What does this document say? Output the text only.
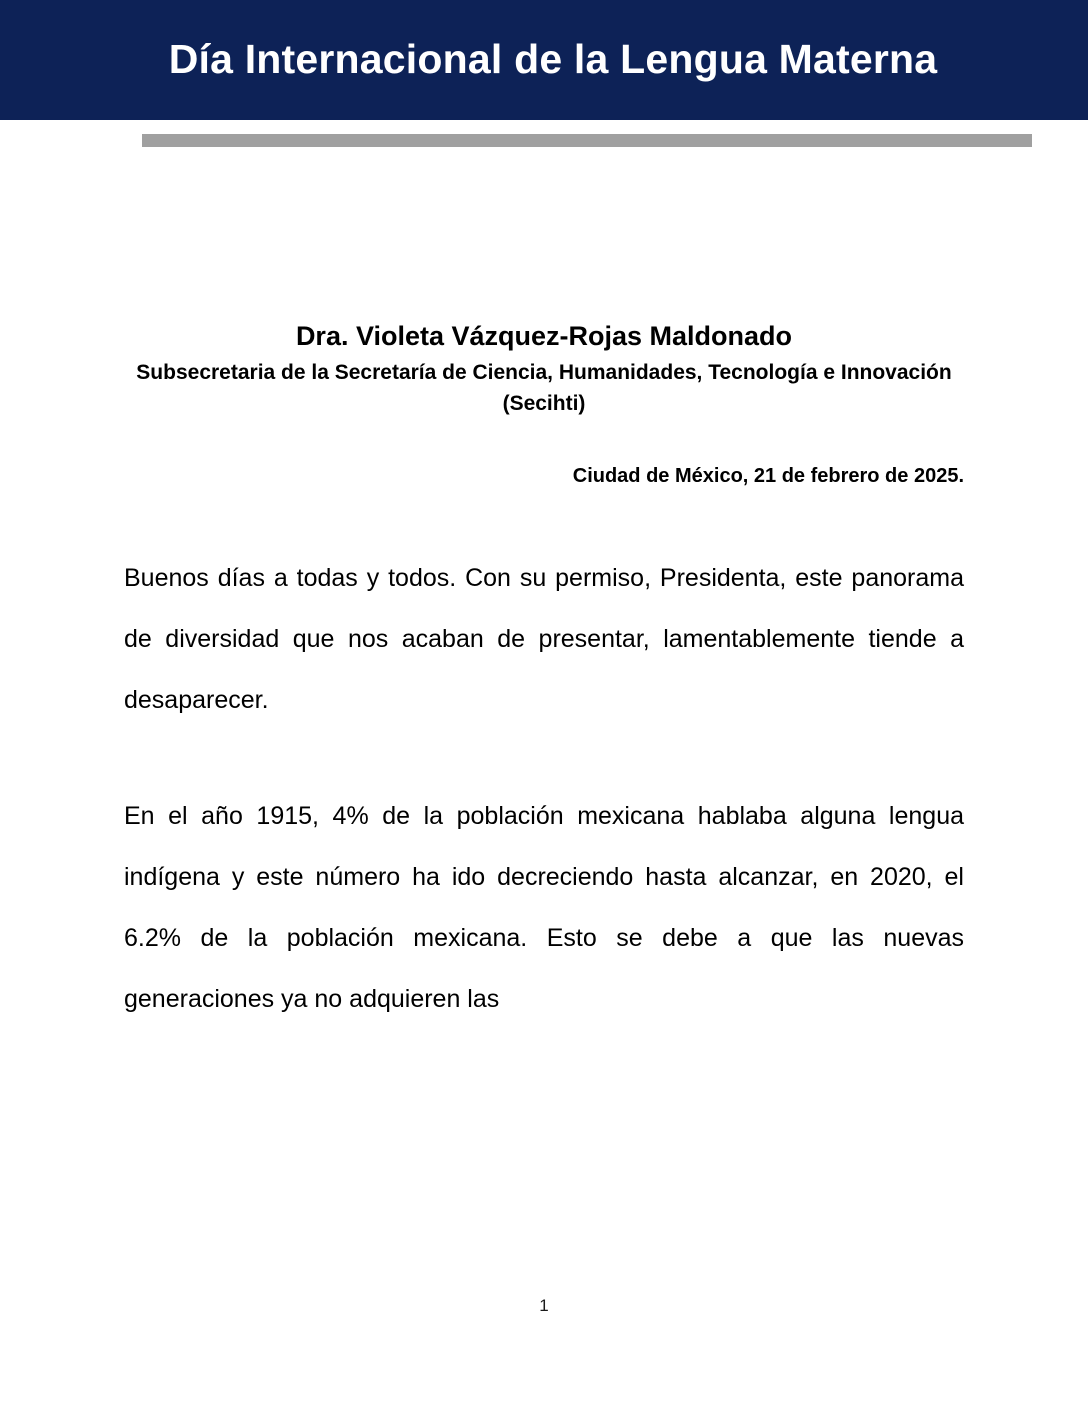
Día Internacional de la Lengua Materna
Dra. Violeta Vázquez-Rojas Maldonado
Subsecretaria de la Secretaría de Ciencia, Humanidades, Tecnología e Innovación (Secihti)
Ciudad de México, 21 de febrero de 2025.

Buenos días a todas y todos. Con su permiso, Presidenta, este panorama de diversidad que nos acaban de presentar, lamentablemente tiende a desaparecer.

En el año 1915, 4% de la población mexicana hablaba alguna lengua indígena y este número ha ido decreciendo hasta alcanzar, en 2020, el 6.2% de la población mexicana. Esto se debe a que las nuevas generaciones ya no adquieren las

1
